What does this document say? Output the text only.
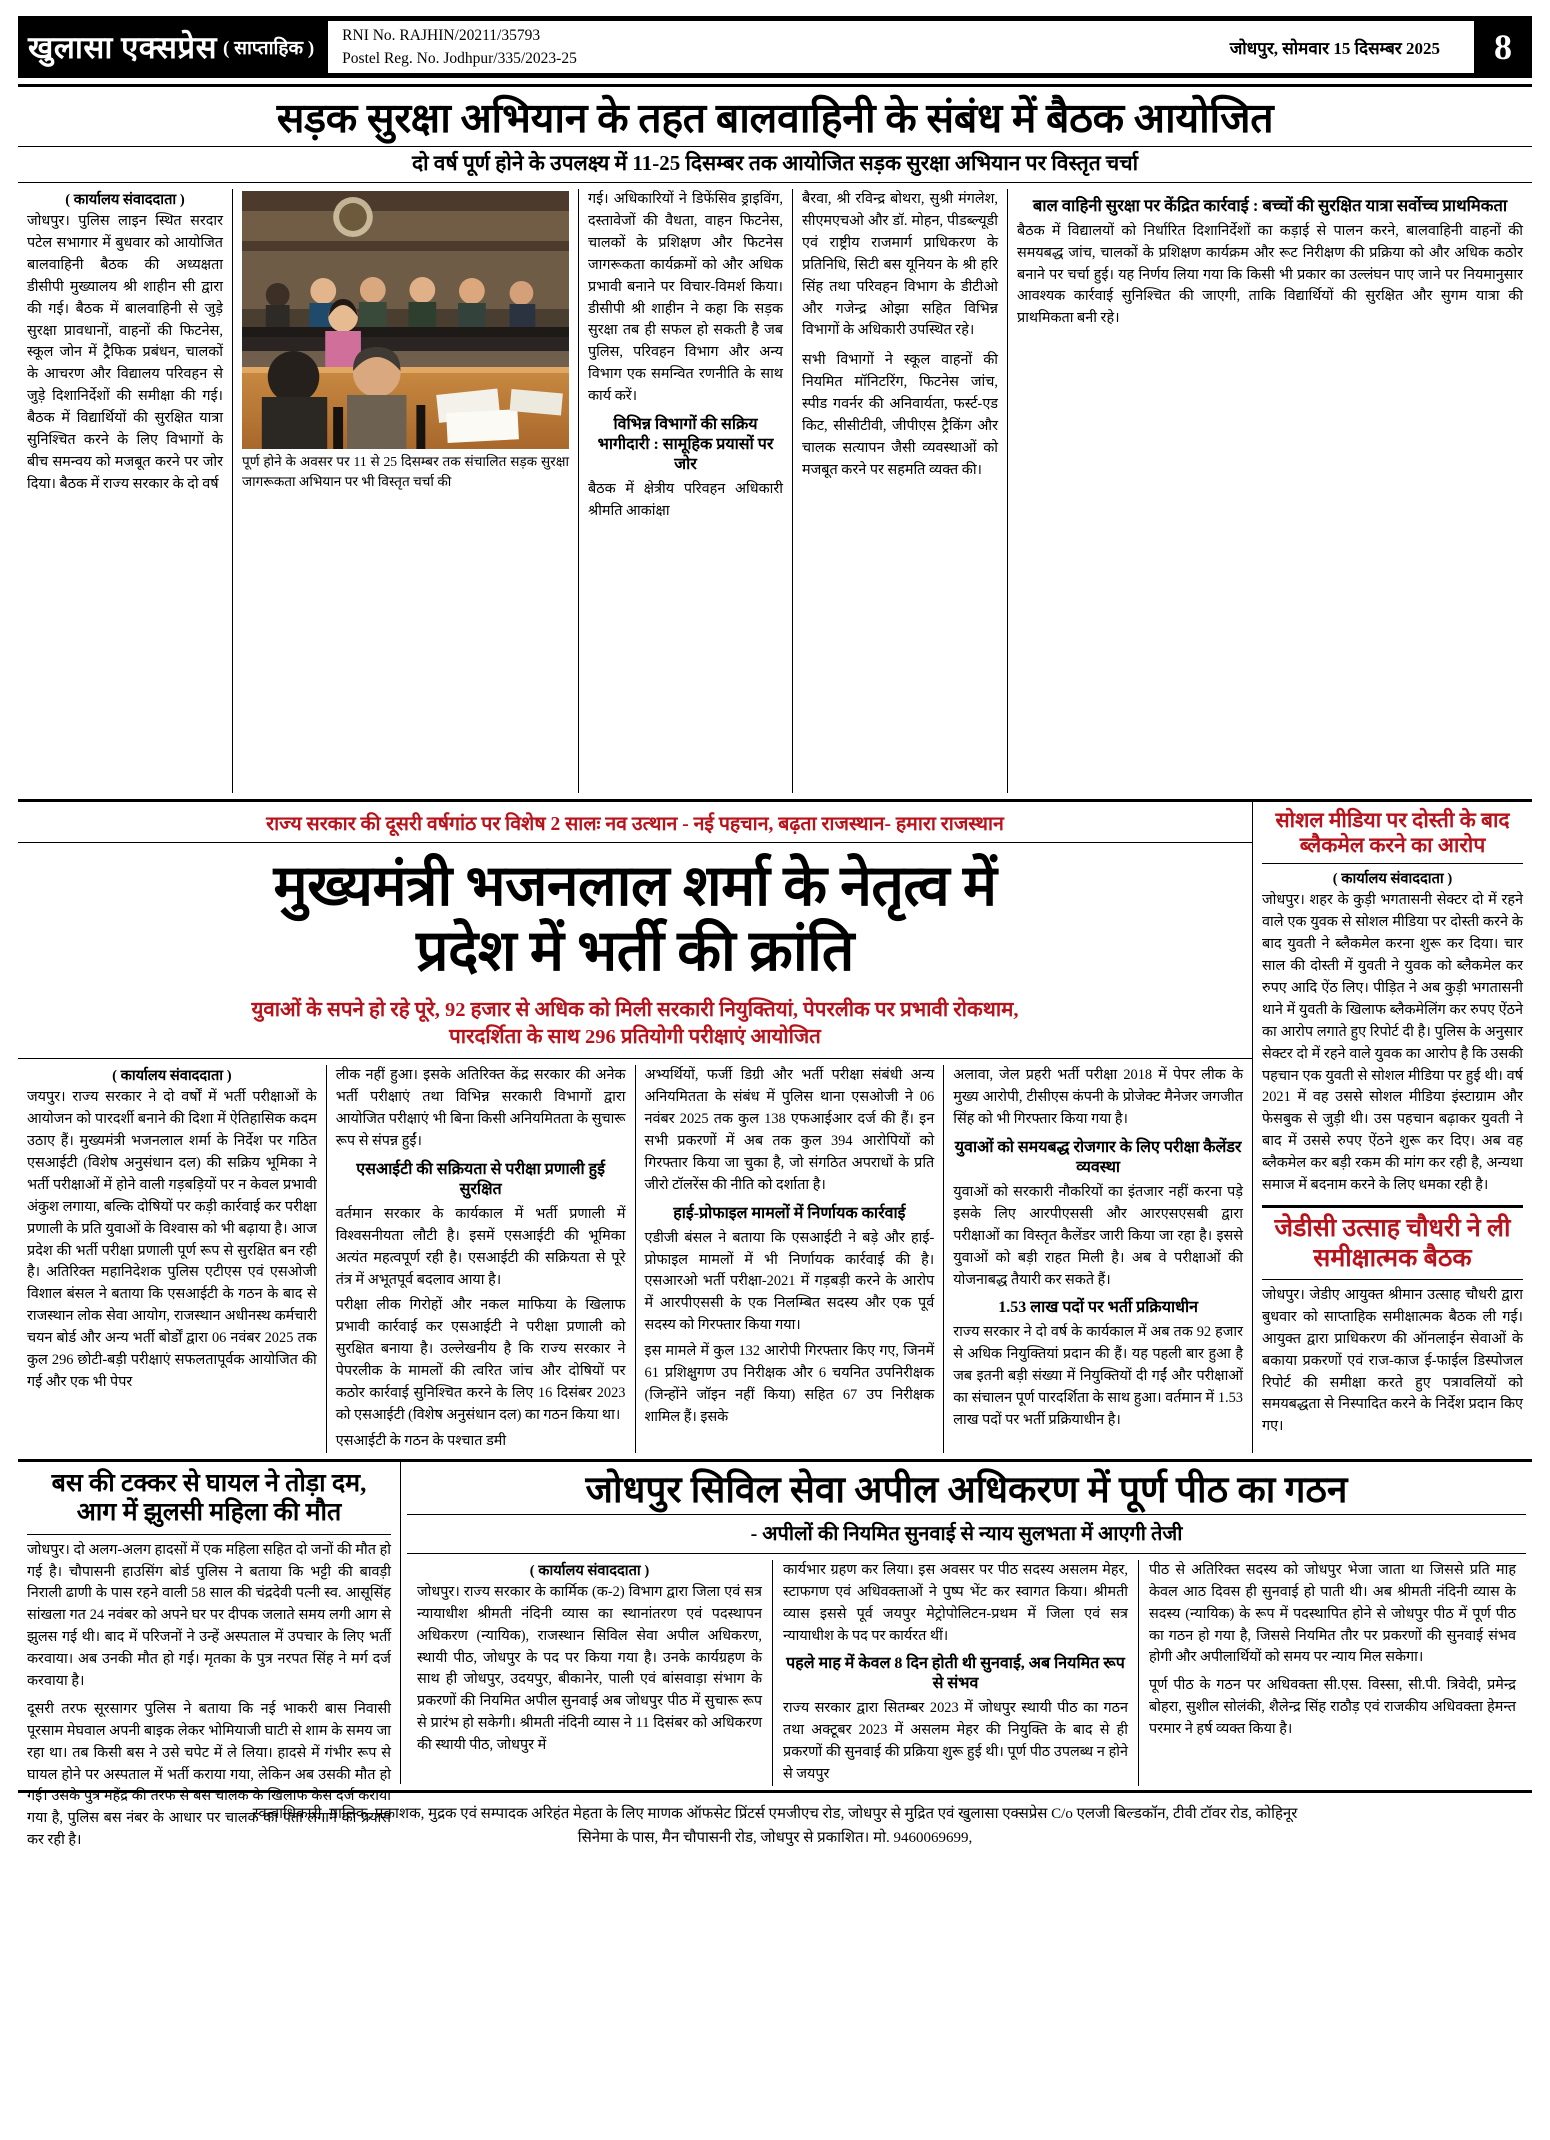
खुलासा एक्सप्रेस ( साप्ताहिक )
RNI No. RAJHIN/20211/35793
Postel Reg. No. Jodhpur/335/2023-25
जोधपुर, सोमवार 15 दिसम्बर 2025	8
सड़क सुरक्षा अभियान के तहत बालवाहिनी के संबंध में बैठक आयोजित
दो वर्ष पूर्ण होने के उपलक्ष्य में 11-25 दिसम्बर तक आयोजित सड़क सुरक्षा अभियान पर विस्तृत चर्चा
( कार्यालय संवाददाता )
जोधपुर। पुलिस लाइन स्थित सरदार पटेल सभागार में बुधवार को आयोजित बालवाहिनी बैठक की अध्यक्षता डीसीपी मुख्यालय श्री शाहीन सी द्वारा की गई। बैठक में बालवाहिनी से जुड़े सुरक्षा प्रावधानों, वाहनों की फिटनेस, स्कूल जोन में ट्रैफिक प्रबंधन, चालकों के आचरण और विद्यालय परिवहन से जुड़े दिशानिर्देशों की समीक्षा की गई। बैठक में विद्यार्थियों की सुरक्षित यात्रा सुनिश्चित करने के लिए विभागों के बीच समन्वय को मजबूत करने पर जोर दिया। बैठक में राज्य सरकार के दो वर्ष
पूर्ण होने के अवसर पर 11 से 25 दिसम्बर तक संचालित सड़क सुरक्षा जागरूकता अभियान पर भी विस्तृत चर्चा की
गई। अधिकारियों ने डिफेंसिव ड्राइविंग, दस्तावेजों की वैधता, वाहन फिटनेस, चालकों के प्रशिक्षण और फिटनेस जागरूकता कार्यक्रमों को और अधिक प्रभावी बनाने पर विचार-विमर्श किया। डीसीपी श्री शाहीन ने कहा कि सड़क सुरक्षा तब ही सफल हो सकती है जब पुलिस, परिवहन विभाग और अन्य विभाग एक समन्वित रणनीति के साथ कार्य करें।
विभिन्न विभागों की सक्रिय भागीदारी : सामूहिक प्रयासों पर जोर
बैठक में क्षेत्रीय परिवहन अधिकारी श्रीमति आकांक्षा
बैरवा, श्री रविन्द्र बोथरा, सुश्री मंगलेश, सीएमएचओ और डॉ. मोहन, पीडब्ल्यूडी एवं राष्ट्रीय राजमार्ग प्राधिकरण के प्रतिनिधि, सिटी बस यूनियन के श्री हरि सिंह तथा परिवहन विभाग के डीटीओ और गजेन्द्र ओझा सहित विभिन्न विभागों के अधिकारी उपस्थित रहे।
सभी विभागों ने स्कूल वाहनों की नियमित मॉनिटरिंग, फिटनेस जांच, स्पीड गवर्नर की अनिवार्यता, फर्स्ट-एड किट, सीसीटीवी, जीपीएस ट्रैकिंग और चालक सत्यापन जैसी व्यवस्थाओं को मजबूत करने पर सहमति व्यक्त की।
बाल वाहिनी सुरक्षा पर केंद्रित कार्रवाई : बच्चों की सुरक्षित यात्रा सर्वोच्च प्राथमिकता
बैठक में विद्यालयों को निर्धारित दिशानिर्देशों का कड़ाई से पालन करने, बालवाहिनी वाहनों की समयबद्ध जांच, चालकों के प्रशिक्षण कार्यक्रम और रूट निरीक्षण की प्रक्रिया को और अधिक कठोर बनाने पर चर्चा हुई। यह निर्णय लिया गया कि किसी भी प्रकार का उल्लंघन पाए जाने पर नियमानुसार आवश्यक कार्रवाई सुनिश्चित की जाएगी, ताकि विद्यार्थियों की सुरक्षित और सुगम यात्रा की प्राथमिकता बनी रहे।
राज्य सरकार की दूसरी वर्षगांठ पर विशेष 2 सालः नव उत्थान - नई पहचान, बढ़ता राजस्थान- हमारा राजस्थान
मुख्यमंत्री भजनलाल शर्मा के नेतृत्व में
प्रदेश में भर्ती की क्रांति
युवाओं के सपने हो रहे पूरे, 92 हजार से अधिक को मिली सरकारी नियुक्तियां, पेपरलीक पर प्रभावी रोकथाम,
पारदर्शिता के साथ 296 प्रतियोगी परीक्षाएं आयोजित
( कार्यालय संवाददाता )
जयपुर। राज्य सरकार ने दो वर्षों में भर्ती परीक्षाओं के आयोजन को पारदर्शी बनाने की दिशा में ऐतिहासिक कदम उठाए हैं। मुख्यमंत्री भजनलाल शर्मा के निर्देश पर गठित एसआईटी (विशेष अनुसंधान दल) की सक्रिय भूमिका ने भर्ती परीक्षाओं में होने वाली गड़बड़ियों पर न केवल प्रभावी अंकुश लगाया, बल्कि दोषियों पर कड़ी कार्रवाई कर परीक्षा प्रणाली के प्रति युवाओं के विश्वास को भी बढ़ाया है। आज प्रदेश की भर्ती परीक्षा प्रणाली पूर्ण रूप से सुरक्षित बन रही है। अतिरिक्त महानिदेशक पुलिस एटीएस एवं एसओजी विशाल बंसल ने बताया कि एसआईटी के गठन के बाद से राजस्थान लोक सेवा आयोग, राजस्थान अधीनस्थ कर्मचारी चयन बोर्ड और अन्य भर्ती बोर्डों द्वारा 06 नवंबर 2025 तक कुल 296 छोटी-बड़ी परीक्षाएं सफलतापूर्वक आयोजित की गई और एक भी पेपर
लीक नहीं हुआ। इसके अतिरिक्त केंद्र सरकार की अनेक भर्ती परीक्षाएं तथा विभिन्न सरकारी विभागों द्वारा आयोजित परीक्षाएं भी बिना किसी अनियमितता के सुचारू रूप से संपन्न हुईं।
एसआईटी की सक्रियता से परीक्षा प्रणाली हुई सुरक्षित
वर्तमान सरकार के कार्यकाल में भर्ती प्रणाली में विश्वसनीयता लौटी है। इसमें एसआईटी की भूमिका अत्यंत महत्वपूर्ण रही है। एसआईटी की सक्रियता से पूरे तंत्र में अभूतपूर्व बदलाव आया है।
परीक्षा लीक गिरोहों और नकल माफिया के खिलाफ प्रभावी कार्रवाई कर एसआईटी ने परीक्षा प्रणाली को सुरक्षित बनाया है। उल्लेखनीय है कि राज्य सरकार ने पेपरलीक के मामलों की त्वरित जांच और दोषियों पर कठोर कार्रवाई सुनिश्चित करने के लिए 16 दिसंबर 2023 को एसआईटी (विशेष अनुसंधान दल) का गठन किया था।
एसआईटी के गठन के पश्चात डमी
अभ्यर्थियों, फर्जी डिग्री और भर्ती परीक्षा संबंधी अन्य अनियमितता के संबंध में पुलिस थाना एसओजी ने 06 नवंबर 2025 तक कुल 138 एफआईआर दर्ज की हैं। इन सभी प्रकरणों में अब तक कुल 394 आरोपियों को गिरफ्तार किया जा चुका है, जो संगठित अपराधों के प्रति जीरो टॉलरेंस की नीति को दर्शाता है।
हाई-प्रोफाइल मामलों में निर्णायक कार्रवाई
एडीजी बंसल ने बताया कि एसआईटी ने बड़े और हाई-प्रोफाइल मामलों में भी निर्णायक कार्रवाई की है। एसआरओ भर्ती परीक्षा-2021 में गड़बड़ी करने के आरोप में आरपीएससी के एक निलम्बित सदस्य और एक पूर्व सदस्य को गिरफ्तार किया गया।
इस मामले में कुल 132 आरोपी गिरफ्तार किए गए, जिनमें 61 प्रशिक्षुगण उप निरीक्षक और 6 चयनित उपनिरीक्षक (जिन्होंने जॉइन नहीं किया) सहित 67 उप निरीक्षक शामिल हैं। इसके
अलावा, जेल प्रहरी भर्ती परीक्षा 2018 में पेपर लीक के मुख्य आरोपी, टीसीएस कंपनी के प्रोजेक्ट मैनेजर जगजीत सिंह को भी गिरफ्तार किया गया है।
युवाओं को समयबद्ध रोजगार के लिए परीक्षा कैलेंडर व्यवस्था
युवाओं को सरकारी नौकरियों का इंतजार नहीं करना पड़े इसके लिए आरपीएससी और आरएसएसबी द्वारा परीक्षाओं का विस्तृत कैलेंडर जारी किया जा रहा है। इससे युवाओं को बड़ी राहत मिली है। अब वे परीक्षाओं की योजनाबद्ध तैयारी कर सकते हैं।
1.53 लाख पदों पर भर्ती प्रक्रियाधीन
राज्य सरकार ने दो वर्ष के कार्यकाल में अब तक 92 हजार से अधिक नियुक्तियां प्रदान की हैं। यह पहली बार हुआ है जब इतनी बड़ी संख्या में नियुक्तियों दी गईं और परीक्षाओं का संचालन पूर्ण पारदर्शिता के साथ हुआ। वर्तमान में 1.53 लाख पदों पर भर्ती प्रक्रियाधीन है।
सोशल मीडिया पर दोस्ती के बाद ब्लैकमेल करने का आरोप
( कार्यालय संवाददाता )
जोधपुर। शहर के कुड़ी भगतासनी सेक्टर दो में रहने वाले एक युवक से सोशल मीडिया पर दोस्ती करने के बाद युवती ने ब्लैकमेल करना शुरू कर दिया। चार साल की दोस्ती में युवती ने युवक को ब्लैकमेल कर रुपए आदि ऐंठ लिए। पीड़ित ने अब कुड़ी भगतासनी थाने में युवती के खिलाफ ब्लैकमेलिंग कर रुपए ऐंठने का आरोप लगाते हुए रिपोर्ट दी है। पुलिस के अनुसार सेक्टर दो में रहने वाले युवक का आरोप है कि उसकी पहचान एक युवती से सोशल मीडिया पर हुई थी। वर्ष 2021 में वह उससे सोशल मीडिया इंस्टाग्राम और फेसबुक से जुड़ी थी। उस पहचान बढ़ाकर युवती ने बाद में उससे रुपए ऐंठने शुरू कर दिए। अब वह ब्लैकमेल कर बड़ी रकम की मांग कर रही है, अन्यथा समाज में बदनाम करने के लिए धमका रही है।
जेडीसी उत्साह चौधरी ने ली समीक्षात्मक बैठक
जोधपुर। जेडीए आयुक्त श्रीमान उत्साह चौधरी द्वारा बुधवार को साप्ताहिक समीक्षात्मक बैठक ली गई। आयुक्त द्वारा प्राधिकरण की ऑनलाईन सेवाओं के बकाया प्रकरणों एवं राज-काज ई-फाईल डिस्पोजल रिपोर्ट की समीक्षा करते हुए पत्रावलियों को समयबद्धता से निस्पादित करने के निर्देश प्रदान किए गए।
बस की टक्कर से घायल ने तोड़ा दम, आग में झुलसी महिला की मौत
जोधपुर। दो अलग-अलग हादसों में एक महिला सहित दो जनों की मौत हो गई है। चौपासनी हाउसिंग बोर्ड पुलिस ने बताया कि भट्टी की बावड़ी निराली ढाणी के पास रहने वाली 58 साल की चंद्रदेवी पत्नी स्व. आसूसिंह सांखला गत 24 नवंबर को अपने घर पर दीपक जलाते समय लगी आग से झुलस गई थी। बाद में परिजनों ने उन्हें अस्पताल में उपचार के लिए भर्ती करवाया। अब उनकी मौत हो गई। मृतका के पुत्र नरपत सिंह ने मर्ग दर्ज करवाया है।
दूसरी तरफ सूरसागर पुलिस ने बताया कि नई भाकरी बास निवासी पूरसाम मेघवाल अपनी बाइक लेकर भोमियाजी घाटी से शाम के समय जा रहा था। तब किसी बस ने उसे चपेट में ले लिया। हादसे में गंभीर रूप से घायल होने पर अस्पताल में भर्ती कराया गया, लेकिन अब उसकी मौत हो गई। उसके पुत्र महेंद्र की तरफ से बस चालक के खिलाफ केस दर्ज कराया गया है, पुलिस बस नंबर के आधार पर चालक का पता लगाने का प्रयास कर रही है।
जोधपुर सिविल सेवा अपील अधिकरण में पूर्ण पीठ का गठन
- अपीलों की नियमित सुनवाई से न्याय सुलभता में आएगी तेजी
( कार्यालय संवाददाता )
जोधपुर। राज्य सरकार के कार्मिक (क-2) विभाग द्वारा जिला एवं सत्र न्यायाधीश श्रीमती नंदिनी व्यास का स्थानांतरण एवं पदस्थापन अधिकरण (न्यायिक), राजस्थान सिविल सेवा अपील अधिकरण, स्थायी पीठ, जोधपुर के पद पर किया गया है। उनके कार्यग्रहण के साथ ही जोधपुर, उदयपुर, बीकानेर, पाली एवं बांसवाड़ा संभाग के प्रकरणों की नियमित अपील सुनवाई अब जोधपुर पीठ में सुचारू रूप से प्रारंभ हो सकेगी। श्रीमती नंदिनी व्यास ने 11 दिसंबर को अधिकरण की स्थायी पीठ, जोधपुर में
कार्यभार ग्रहण कर लिया। इस अवसर पर पीठ सदस्य असलम मेहर, स्टाफगण एवं अधिवक्ताओं ने पुष्प भेंट कर स्वागत किया। श्रीमती व्यास इससे पूर्व जयपुर मेट्रोपोलिटन-प्रथम में जिला एवं सत्र न्यायाधीश के पद पर कार्यरत थीं।
पहले माह में केवल 8 दिन होती थी सुनवाई, अब नियमित रूप से संभव
राज्य सरकार द्वारा सितम्बर 2023 में जोधपुर स्थायी पीठ का गठन तथा अक्टूबर 2023 में असलम मेहर की नियुक्ति के बाद से ही प्रकरणों की सुनवाई की प्रक्रिया शुरू हुई थी। पूर्ण पीठ उपलब्ध न होने से जयपुर
पीठ से अतिरिक्त सदस्य को जोधपुर भेजा जाता था जिससे प्रति माह केवल आठ दिवस ही सुनवाई हो पाती थी। अब श्रीमती नंदिनी व्यास के सदस्य (न्यायिक) के रूप में पदस्थापित होने से जोधपुर पीठ में पूर्ण पीठ का गठन हो गया है, जिससे नियमित तौर पर प्रकरणों की सुनवाई संभव होगी और अपीलार्थियों को समय पर न्याय मिल सकेगा।
पूर्ण पीठ के गठन पर अधिवक्ता सी.एस. विस्सा, सी.पी. त्रिवेदी, प्रमेन्द्र बोहरा, सुशील सोलंकी, शैलेन्द्र सिंह राठौड़ एवं राजकीय अधिवक्ता हेमन्त परमार ने हर्ष व्यक्त किया है।
स्वत्वाधिकारी, मालिक, प्रकाशक, मुद्रक एवं सम्पादक अरिहंत मेहता के लिए माणक ऑफसेट प्रिंटर्स एमजीएच रोड, जोधपुर से मुद्रित एवं खुलासा एक्सप्रेस C/o एलजी बिल्डकॉन, टीवी टॉवर रोड, कोहिनूर
सिनेमा के पास, मैन चौपासनी रोड, जोधपुर से प्रकाशित। मो. 9460069699,
